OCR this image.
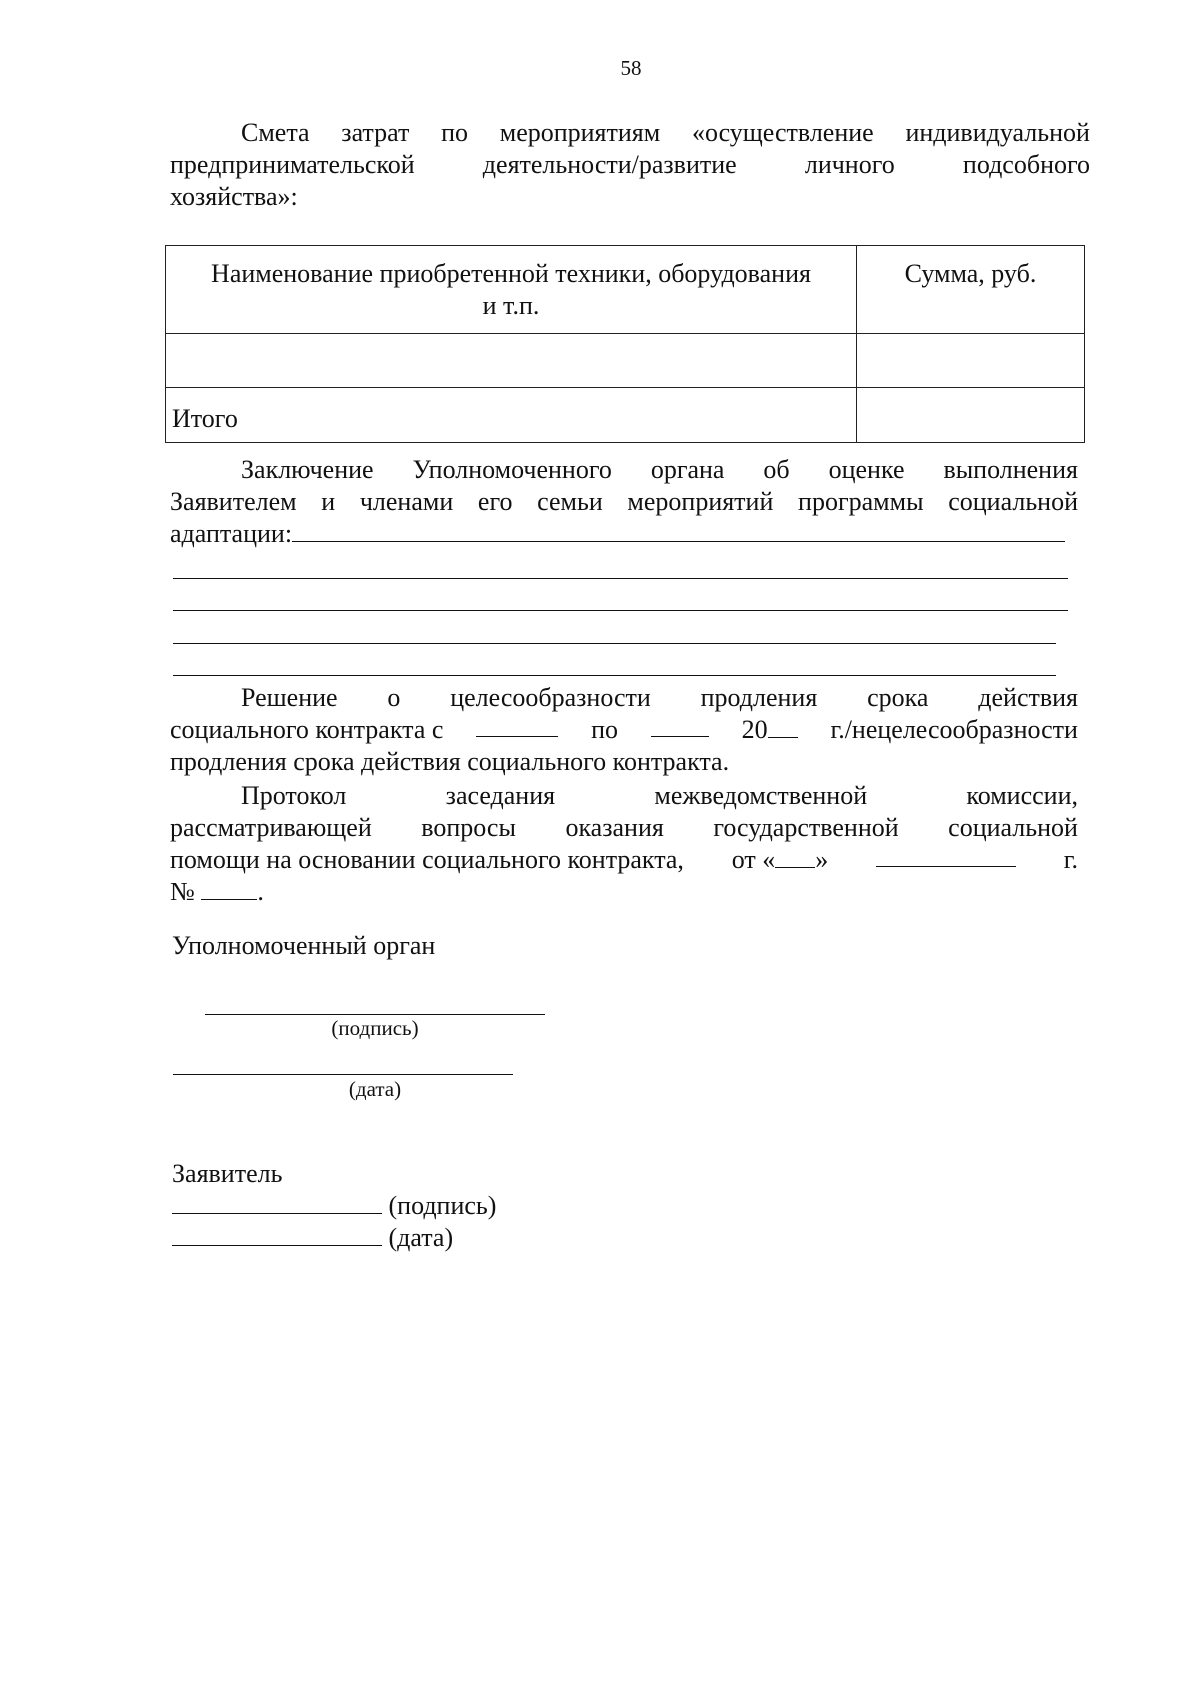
58
Смета затрат по мероприятиям «осуществление индивидуальной
предпринимательской	деятельности/развитие	личного	подсобного
хозяйства»:
Наименование приобретенной техники, оборудования
и т.п.	Сумма, руб.

Итого	
Заключение Уполномоченного органа об оценке выполнения
Заявителем и членами его семьи мероприятий программы социальной
адаптации:
Решение о целесообразности продления срока действия
социального контракта с	по	20	г./нецелесообразности
продления срока действия социального контракта.
Протокол	заседания	межведомственной	комиссии,
рассматривающей вопросы оказания государственной социальной
помощи на основании социального контракта, от « »	г.
№ .
Уполномоченный орган
(подпись)
(дата)
Заявитель
(подпись)
(дата)
